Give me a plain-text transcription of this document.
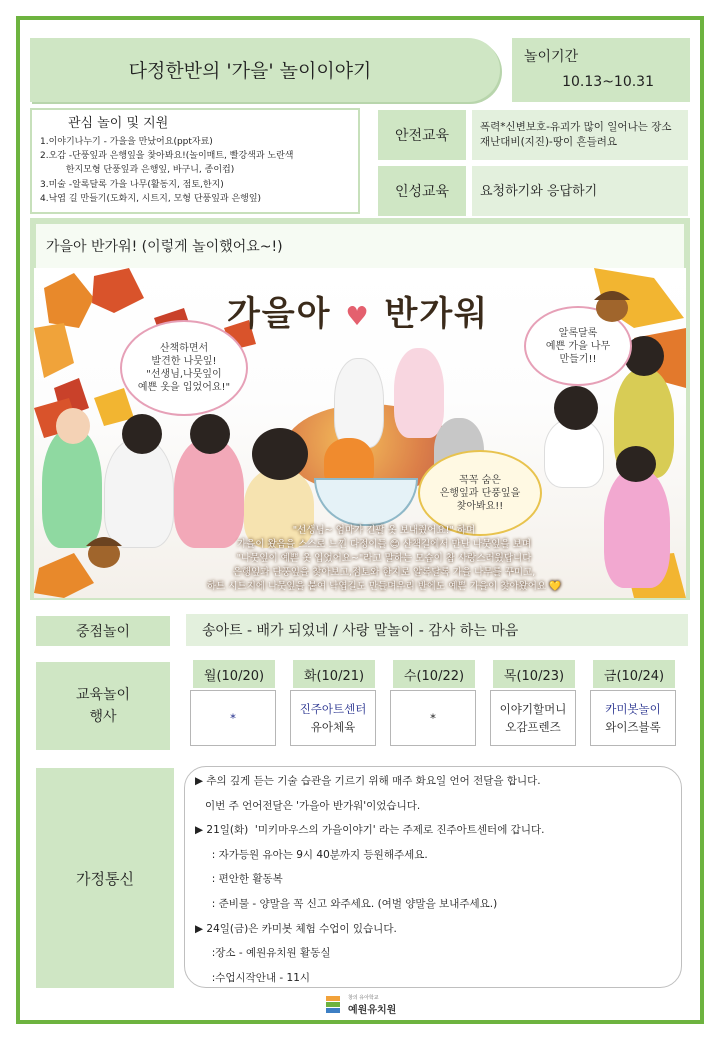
다정한반의 '가을' 놀이이야기
놀이기간
10.13~10.31
관심 놀이 및 지원
1.이야기나누기 - 가을을 만났어요(ppt자료)
2.오감 -단풍잎과 은행잎을 찾아봐요!(놀이매트, 빨강색과 노란색
한지모형 단풍잎과 은행잎, 바구니, 종이컵)
3.미술 -알록달록 가을 나무(활동지, 점토,한지)
4.낙엽 길 만들기(도화지, 시트지, 모형 단풍잎과 은행잎)
안전교육
폭력*신변보호-유괴가 많이 일어나는 장소
재난대비(지진)-땅이 흔들려요
인성교육	요청하기와 응답하기
가을아 반가워! (이렇게 놀이했어요~!)
가을아 ♥ 반가워
산책하면서
발견한 나뭇잎!
"선생님,나뭇잎이
예쁜 옷을 입었어요!"
알록달록
예쁜 가을 나무
만들기!!
꼭꼭 숨은
은행잎과 단풍잎을
찾아봐요!!
"선생님~ 엄마가 긴팔 옷 보내줬어요!" 하며
가을이 왔음을 스스로 느낀 다정이들 😊 산책길에서 만난 나뭇잎을 보며
"나뭇잎이 예쁜 옷 입었어요~"라고 말하는 모습이 참 사랑스러웠답니다
은행잎과 단풍잎을 찾아보고,점토와 한지로 알록달록 가을 나무를 꾸미고,
하트 시트지에 나뭇잎을 붙여 낙엽길도 만들며우리 반에도 예쁜 가을이 찾아왔어요 💛
중점놀이	송아트 - 배가 되었네 / 사랑 말놀이 - 감사 하는 마음
교육놀이
행사
월(10/20)
*
화(10/21)
진주아트센터
유아체육
수(10/22)
*
목(10/23)
이야기할머니
오감프렌즈
금(10/24)
카미봇놀이
와이즈블록
가정통신
▶ 추의 깊게 듣는 기술 습관을 기르기 위해 매주 화요일 언어 전달을 합니다.
이번 주 언어전달은 '가을아 반가워'이었습니다.
▶ 21일(화)  '미키마우스의 가을이야기' 라는 주제로 진주아트센터에 갑니다.
: 자가등원 유아는 9시 40분까지 등원해주세요.
: 편안한 활동복
: 준비물 - 양말을 꼭 신고 와주세요. (여벌 양말을 보내주세요.)
▶ 24일(금)은 카미봇 체험 수업이 있습니다.
:장소 - 예원유치원 활동실
:수업시작안내 - 11시
창의 유아학교
예원유치원
